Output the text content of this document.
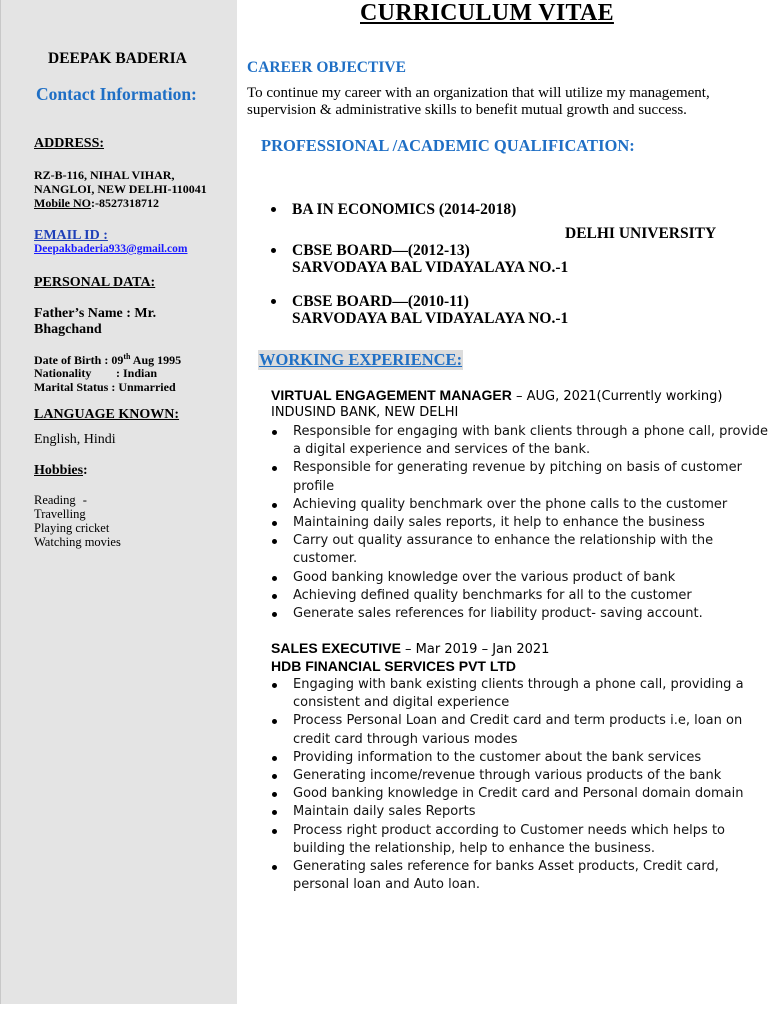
DEEPAK BADERIA
Contact Information:
ADDRESS:
RZ-B-116, NIHAL VIHAR,
NANGLOI, NEW DELHI-110041
Mobile NO:-8527318712
EMAIL ID :
Deepakbaderia933@gmail.com
PERSONAL DATA:
Father’s Name : Mr.
Bhagchand
Date of Birth : 09th Aug 1995
Nationality : Indian
Marital Status : Unmarried
LANGUAGE KNOWN:
English, Hindi
Hobbies:
Reading -
Travelling
Playing cricket
Watching movies
CURRICULUM VITAE
CAREER OBJECTIVE
To continue my career with an organization that will utilize my management,
supervision & administrative skills to benefit mutual growth and success.
PROFESSIONAL /ACADEMIC QUALIFICATION:
BA IN ECONOMICS (2014-2018)
CBSE BOARD—(2012-13)
SARVODAYA BAL VIDAYALAYA NO.-1
CBSE BOARD—(2010-11)
SARVODAYA BAL VIDAYALAYA NO.-1
DELHI UNIVERSITY
WORKING EXPERIENCE:
VIRTUAL ENGAGEMENT MANAGER – AUG, 2021(Currently working)
INDUSIND BANK, NEW DELHI
Responsible for engaging with bank clients through a phone call, provide a digital experience and services of the bank.
Responsible for generating revenue by pitching on basis of customer profile
Achieving quality benchmark over the phone calls to the customer
Maintaining daily sales reports, it help to enhance the business
Carry out quality assurance to enhance the relationship with the customer.
Good banking knowledge over the various product of bank
Achieving defined quality benchmarks for all to the customer
Generate sales references for liability product- saving account.
SALES EXECUTIVE – Mar 2019 – Jan 2021
HDB FINANCIAL SERVICES PVT LTD
Engaging with bank existing clients through a phone call, providing a consistent and digital experience
Process Personal Loan and Credit card and term products i.e, loan on credit card through various modes
Providing information to the customer about the bank services
Generating income/revenue through various products of the bank
Good banking knowledge in Credit card and Personal domain domain
Maintain daily sales Reports
Process right product according to Customer needs which helps to building the relationship, help to enhance the business.
Generating sales reference for banks Asset products, Credit card, personal loan and Auto loan.
